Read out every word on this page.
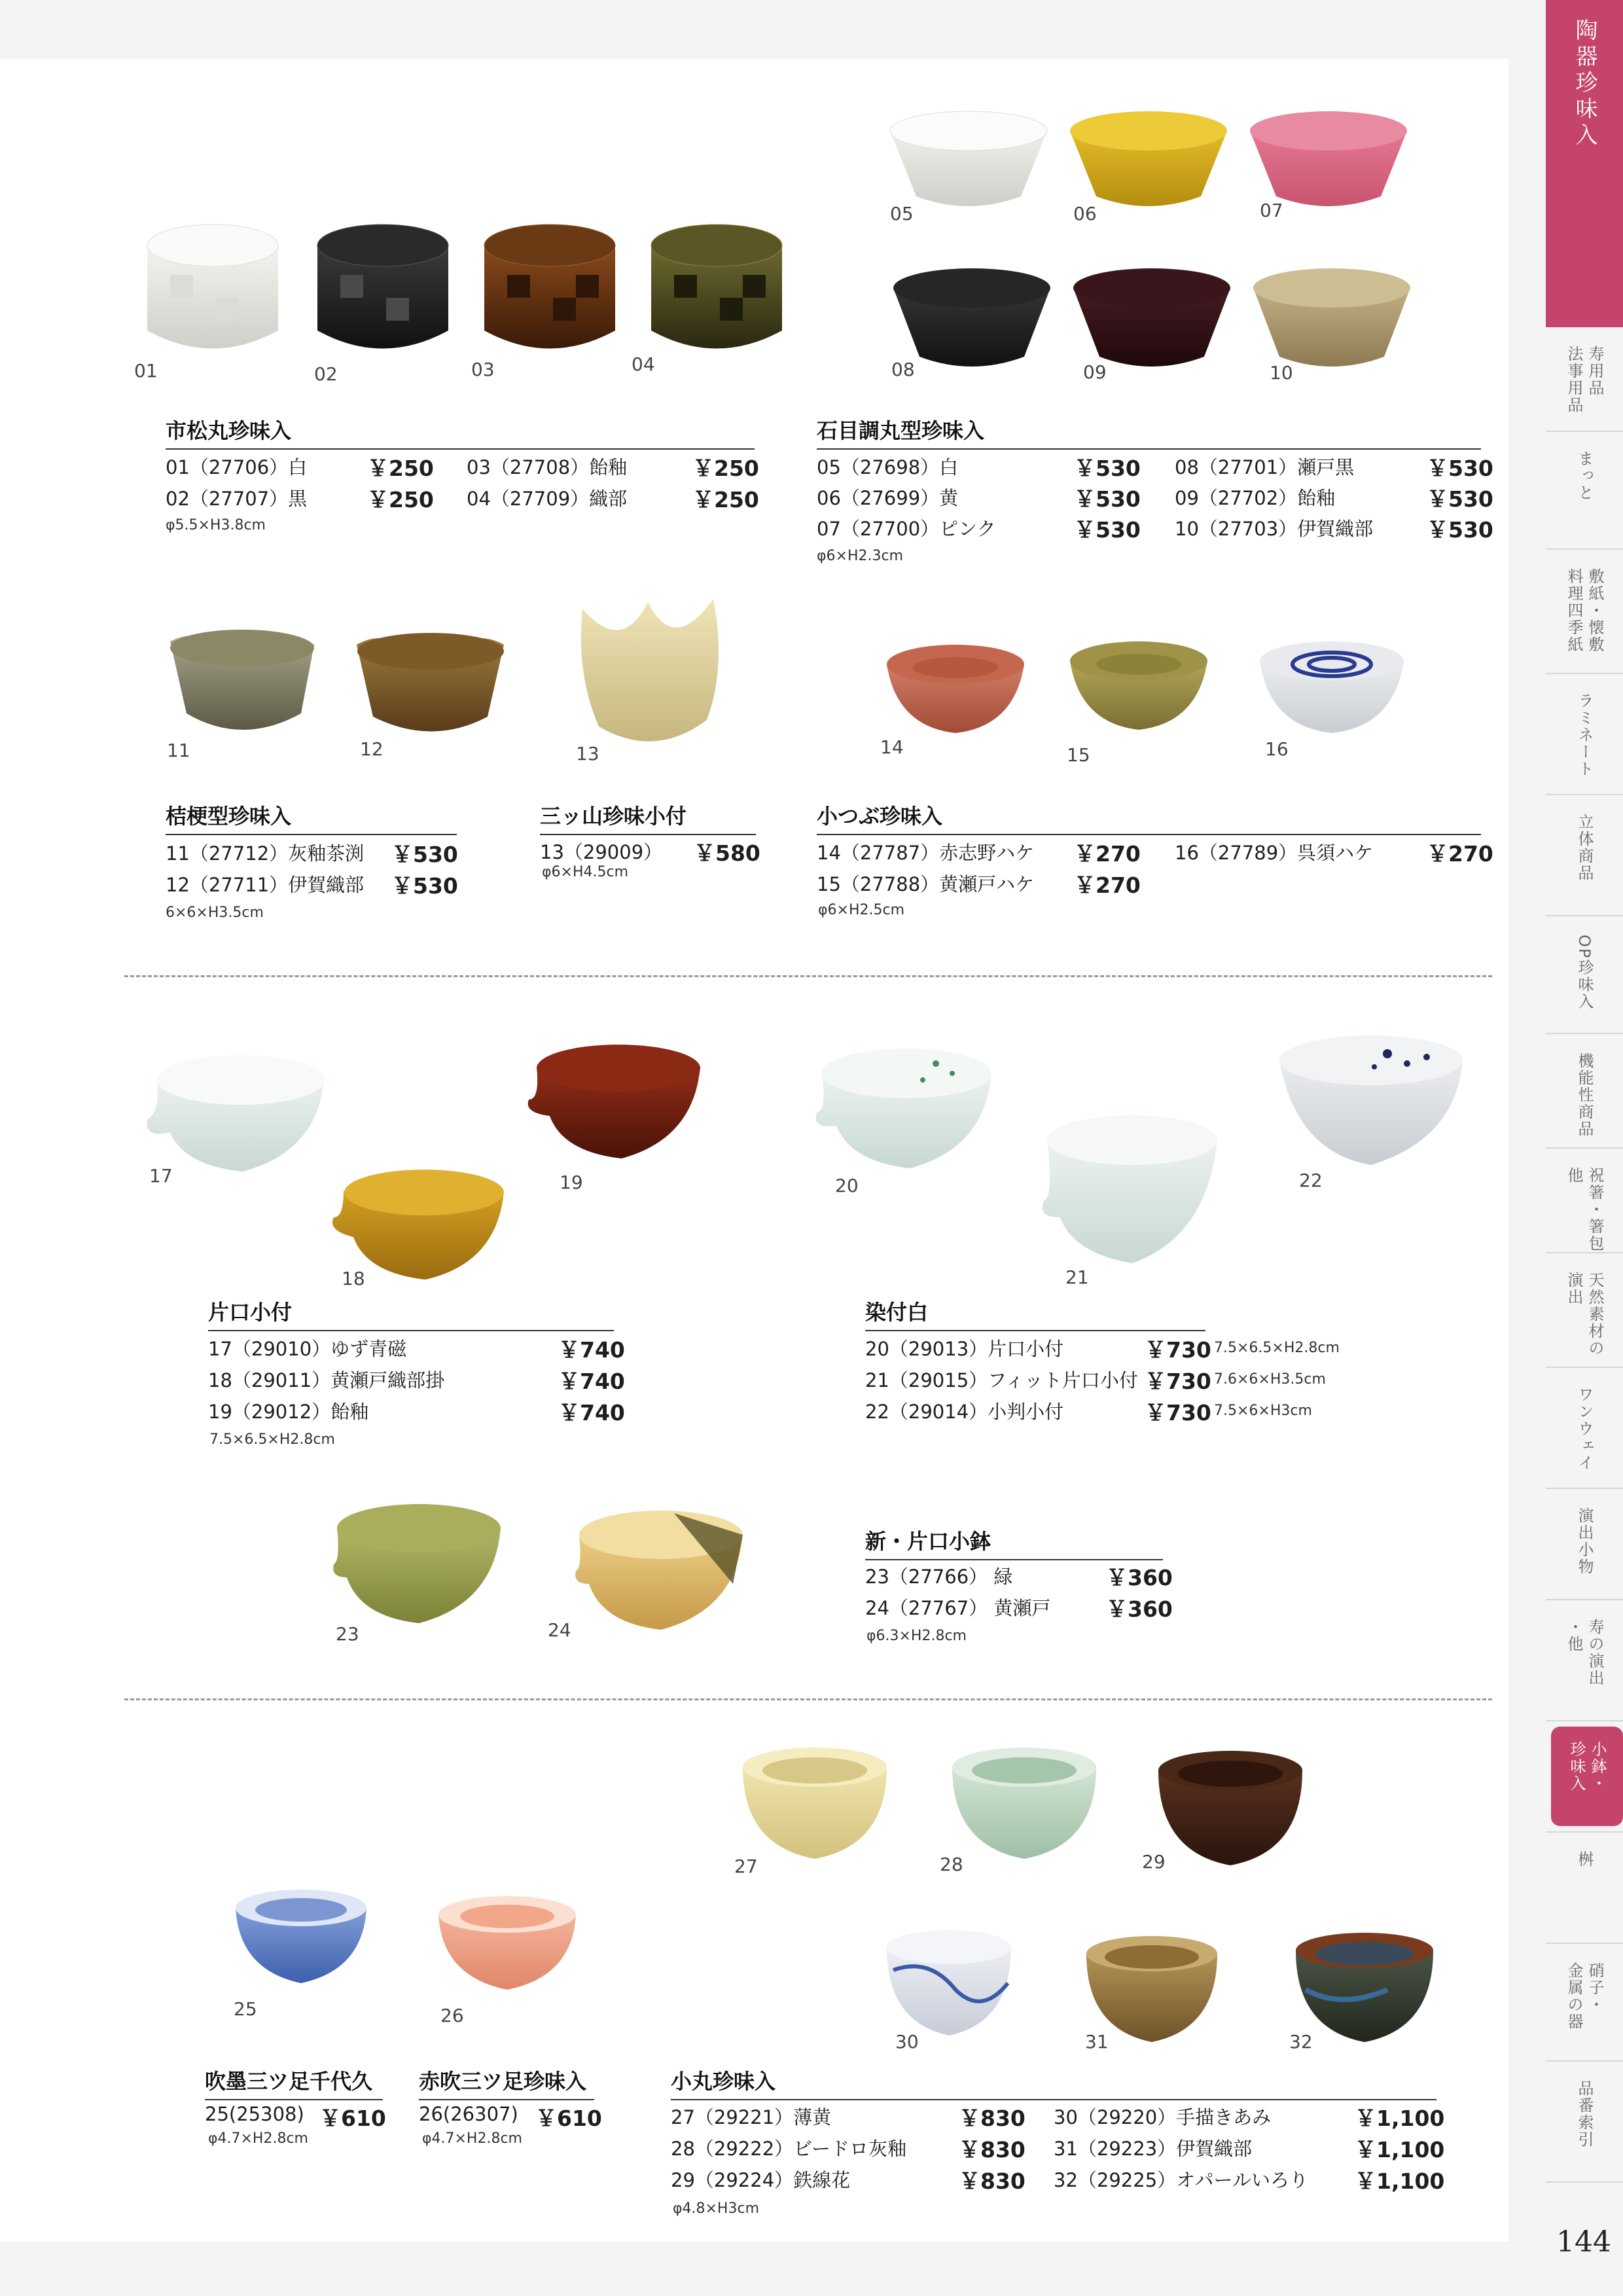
01	02	03	04
05	06	07
08	09	10
11	12	13	14	15	16
17
18
19	20
21
22
23	24
25	26
27	28	29
30	31	32
市松丸珍味入
01（27706）白	￥250
02（27707）黒	￥250
03（27708）飴釉	￥250
04（27709）織部	￥250
φ5.5×H3.8cm
石目調丸型珍味入
05（27698）白	￥530
06（27699）黄	￥530
07（27700）ピンク	￥530
08（27701）瀬戸黒	￥530
09（27702）飴釉	￥530
10（27703）伊賀織部 ￥530
φ6×H2.3cm
桔梗型珍味入
11（27712）灰釉茶渕 ￥530
12（27711）伊賀織部 ￥530
6×6×H3.5cm
三ッ山珍味小付
13（29009） ￥580
φ6×H4.5cm
小つぶ珍味入
14（27787）赤志野ハケ ￥270
15（27788）黄瀬戸ハケ ￥270
16（27789）呉須ハケ ￥270
φ6×H2.5cm
片口小付
17（29010）ゆず青磁	￥740
18（29011）黄瀬戸織部掛	￥740
19（29012）飴釉	￥740
7.5×6.5×H2.8cm
染付白
20（29013）片口小付	￥730 7.5×6.5×H2.8cm
21（29015）フィット片口小付 ￥730 7.6×6×H3.5cm
22（29014）小判小付	￥730 7.5×6×H3cm
新・片口小鉢
23（27766） 緑	￥360
24（27767） 黄瀬戸	￥360
φ6.3×H2.8cm
吹墨三ツ足千代久
25(25308) ￥610
φ4.7×H2.8cm
赤吹三ツ足珍味入
26(26307) ￥610
φ4.7×H2.8cm
小丸珍味入
27（29221）薄黄	￥830
28（29222）ビードロ灰釉 ￥830
29（29224）鉄線花	￥830
30（29220）手描きあみ	￥1,100
31（29223）伊賀織部	￥1,100
32（29225）オパールいろり ￥1,100
φ4.8×H3cm
陶器珍味入
寿用品
法事用品
まっと
敷紙・懐敷
料理四季紙
ラミネート
立体商品
OP珍味入
機能性商品
祝箸・箸包
他
天然素材の
演出
ワンウェイ
演出小物
寿の演出
・他
小鉢・
珍味入
桝
硝子・
金属の器
品番索引
144
